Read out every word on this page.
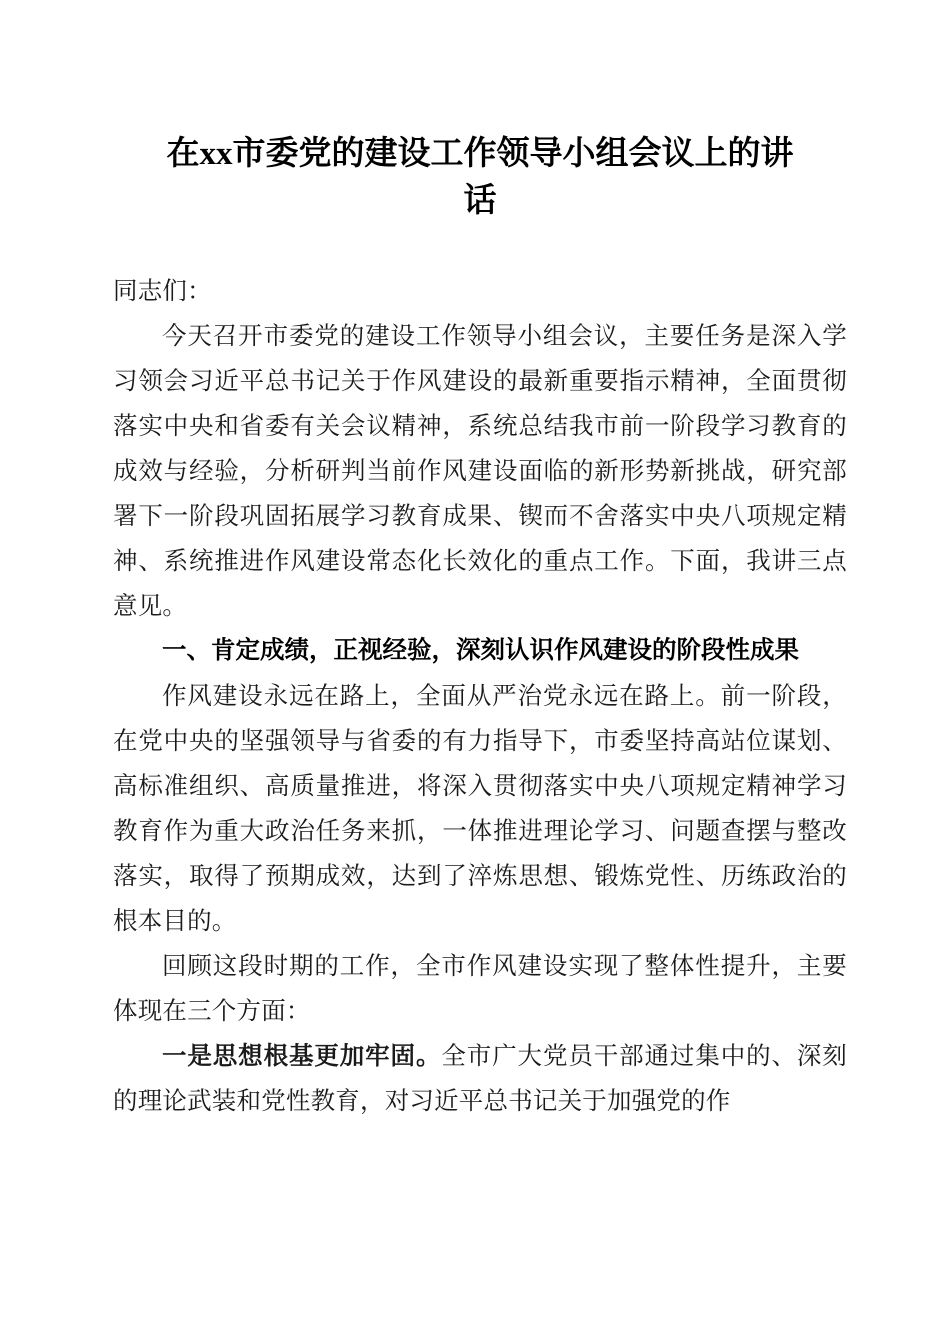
在xx市委党的建设工作领导小组会议上的讲
话

同志们：

今天召开市委党的建设工作领导小组会议，主要任务是深入学习领会习近平总书记关于作风建设的最新重要指示精神，全面贯彻落实中央和省委有关会议精神，系统总结我市前一阶段学习教育的成效与经验，分析研判当前作风建设面临的新形势新挑战，研究部署下一阶段巩固拓展学习教育成果、锲而不舍落实中央八项规定精神、系统推进作风建设常态化长效化的重点工作。下面，我讲三点意见。

一、肯定成绩，正视经验，深刻认识作风建设的阶段性成果

作风建设永远在路上，全面从严治党永远在路上。前一阶段，在党中央的坚强领导与省委的有力指导下，市委坚持高站位谋划、高标准组织、高质量推进，将深入贯彻落实中央八项规定精神学习教育作为重大政治任务来抓，一体推进理论学习、问题查摆与整改落实，取得了预期成效，达到了淬炼思想、锻炼党性、历练政治的根本目的。

回顾这段时期的工作，全市作风建设实现了整体性提升，主要体现在三个方面：

一是思想根基更加牢固。全市广大党员干部通过集中的、深刻的理论武装和党性教育，对习近平总书记关于加强党的作
